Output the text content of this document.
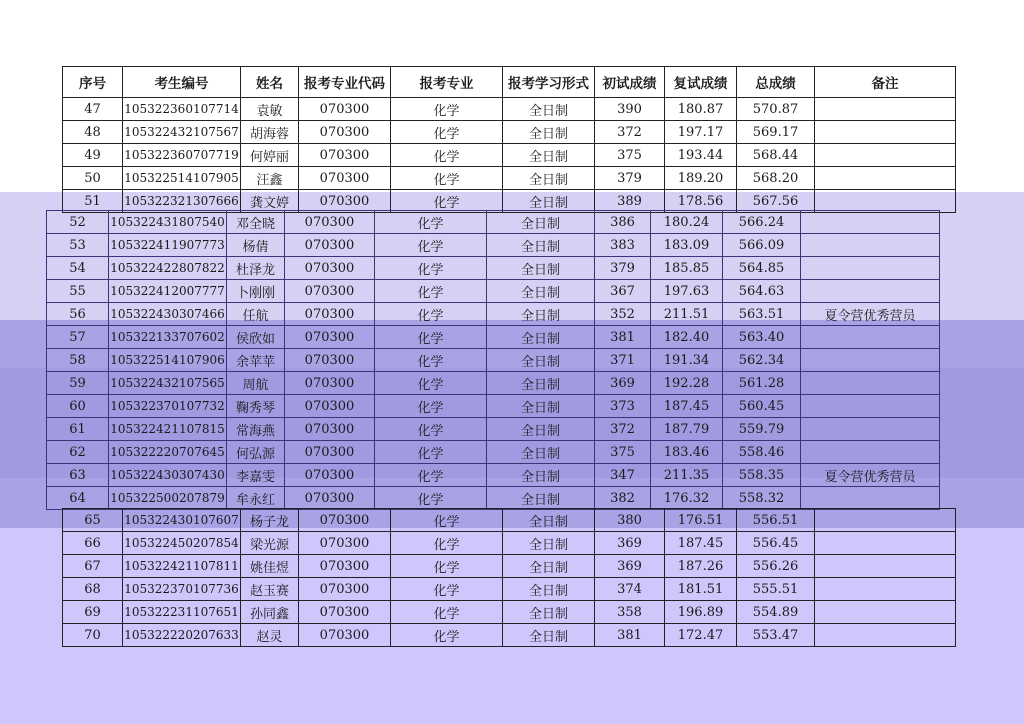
序号	考生编号	姓名	报考专业代码	报考专业	报考学习形式	初试成绩	复试成绩	总成绩	备注
47	105322360107714	袁敏	070300	化学	全日制	390	180.87	570.87	
48	105322432107567	胡海蓉	070300	化学	全日制	372	197.17	569.17	
49	105322360707719	何婷丽	070300	化学	全日制	375	193.44	568.44	
50	105322514107905	汪鑫	070300	化学	全日制	379	189.20	568.20	
51	105322321307666	龚文婷	070300	化学	全日制	389	178.56	567.56	
52	105322431807540	邓全晓	070300	化学	全日制	386	180.24	566.24	
53	105322411907773	杨倩	070300	化学	全日制	383	183.09	566.09	
54	105322422807822	杜泽龙	070300	化学	全日制	379	185.85	564.85	
55	105322412007777	卜刚刚	070300	化学	全日制	367	197.63	564.63	
56	105322430307466	任航	070300	化学	全日制	352	211.51	563.51	夏令营优秀营员
57	105322133707602	侯欣如	070300	化学	全日制	381	182.40	563.40	
58	105322514107906	余苹苹	070300	化学	全日制	371	191.34	562.34	
59	105322432107565	周航	070300	化学	全日制	369	192.28	561.28	
60	105322370107732	鞠秀琴	070300	化学	全日制	373	187.45	560.45	
61	105322421107815	常海燕	070300	化学	全日制	372	187.79	559.79	
62	105322220707645	何弘源	070300	化学	全日制	375	183.46	558.46	
63	105322430307430	李嘉雯	070300	化学	全日制	347	211.35	558.35	夏令营优秀营员
64	105322500207879	牟永红	070300	化学	全日制	382	176.32	558.32	
65	105322430107607	杨子龙	070300	化学	全日制	380	176.51	556.51	
66	105322450207854	梁光源	070300	化学	全日制	369	187.45	556.45	
67	105322421107811	姚佳煜	070300	化学	全日制	369	187.26	556.26	
68	105322370107736	赵玉赛	070300	化学	全日制	374	181.51	555.51	
69	105322231107651	孙同鑫	070300	化学	全日制	358	196.89	554.89	
70	105322220207633	赵灵	070300	化学	全日制	381	172.47	553.47	
